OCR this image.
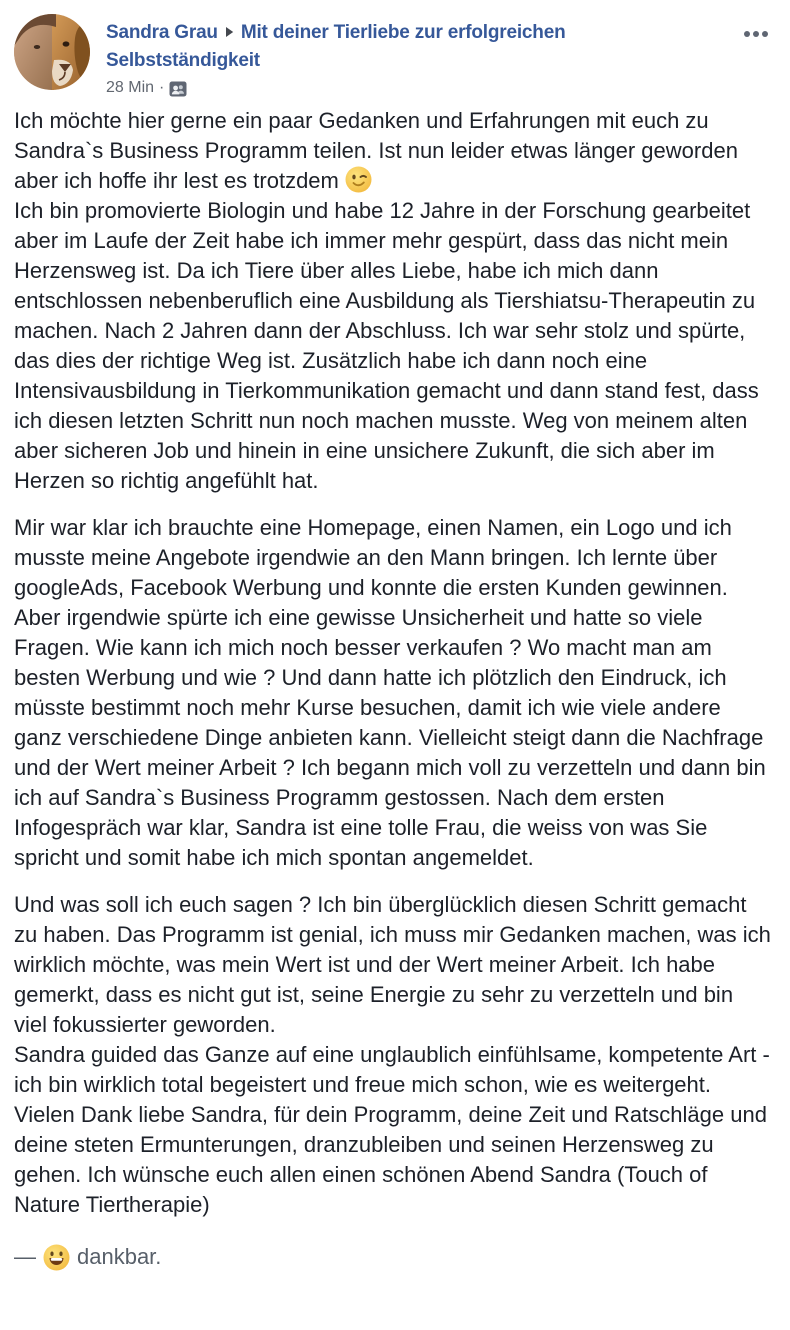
Sandra Grau Mit deiner Tierliebe zur erfolgreichen Selbstständigkeit
28 Min ·

Ich möchte hier gerne ein paar Gedanken und Erfahrungen mit euch zu Sandra`s Business Programm teilen. Ist nun leider etwas länger geworden aber ich hoffe ihr lest es trotzdem
Ich bin promovierte Biologin und habe 12 Jahre in der Forschung gearbeitet aber im Laufe der Zeit habe ich immer mehr gespürt, dass das nicht mein Herzensweg ist. Da ich Tiere über alles Liebe, habe ich mich dann entschlossen nebenberuflich eine Ausbildung als Tiershiatsu-Therapeutin zu machen. Nach 2 Jahren dann der Abschluss. Ich war sehr stolz und spürte, das dies der richtige Weg ist. Zusätzlich habe ich dann noch eine Intensivausbildung in Tierkommunikation gemacht und dann stand fest, dass ich diesen letzten Schritt nun noch machen musste. Weg von meinem alten aber sicheren Job und hinein in eine unsichere Zukunft, die sich aber im Herzen so richtig angefühlt hat.

Mir war klar ich brauchte eine Homepage, einen Namen, ein Logo und ich musste meine Angebote irgendwie an den Mann bringen. Ich lernte über googleAds, Facebook Werbung und konnte die ersten Kunden gewinnen. Aber irgendwie spürte ich eine gewisse Unsicherheit und hatte so viele Fragen. Wie kann ich mich noch besser verkaufen ? Wo macht man am besten Werbung und wie ? Und dann hatte ich plötzlich den Eindruck, ich müsste bestimmt noch mehr Kurse besuchen, damit ich wie viele andere ganz verschiedene Dinge anbieten kann. Vielleicht steigt dann die Nachfrage und der Wert meiner Arbeit ? Ich begann mich voll zu verzetteln und dann bin ich auf Sandra`s Business Programm gestossen. Nach dem ersten Infogespräch war klar, Sandra ist eine tolle Frau, die weiss von was Sie spricht und somit habe ich mich spontan angemeldet.

Und was soll ich euch sagen ? Ich bin überglücklich diesen Schritt gemacht zu haben. Das Programm ist genial, ich muss mir Gedanken machen, was ich wirklich möchte, was mein Wert ist und der Wert meiner Arbeit. Ich habe gemerkt, dass es nicht gut ist, seine Energie zu sehr zu verzetteln und bin viel fokussierter geworden.
Sandra guided das Ganze auf eine unglaublich einfühlsame, kompetente Art - ich bin wirklich total begeistert und freue mich schon, wie es weitergeht. Vielen Dank liebe Sandra, für dein Programm, deine Zeit und Ratschläge und deine steten Ermunterungen, dranzubleiben und seinen Herzensweg zu gehen. Ich wünsche euch allen einen schönen Abend Sandra (Touch of Nature Tiertherapie)

— dankbar.
